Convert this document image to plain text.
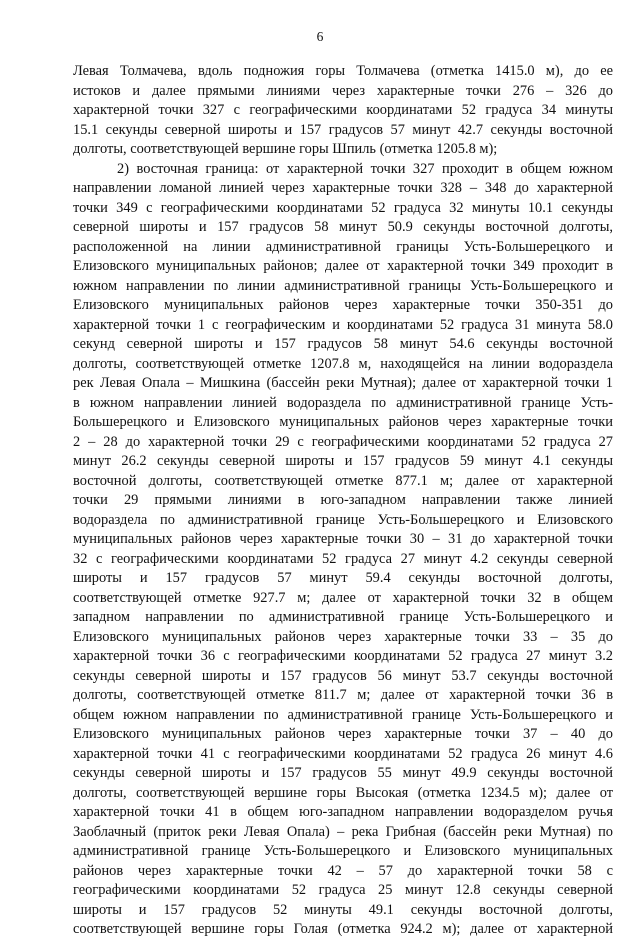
6
Левая Толмачева, вдоль подножия горы Толмачева (отметка 1415.0 м), до ее
истоков и далее прямыми линиями через характерные точки 276 – 326 до
характерной точки 327 с географическими координатами 52 градуса 34 минуты
15.1 секунды северной широты и 157 градусов 57 минут 42.7 секунды восточной
долготы, соответствующей вершине горы Шпиль (отметка 1205.8 м);
2) восточная граница: от характерной точки 327 проходит в общем южном
направлении ломаной линией через характерные точки 328 – 348 до характерной
точки 349 с географическими координатами 52 градуса 32 минуты 10.1 секунды
северной широты и 157 градусов 58 минут 50.9 секунды восточной долготы,
расположенной на линии административной границы Усть-Большерецкого и
Елизовского муниципальных районов; далее от характерной точки 349 проходит в
южном направлении по линии административной границы Усть-Большерецкого и
Елизовского муниципальных районов через характерные точки 350-351 до
характерной точки 1 с географическим и координатами 52 градуса 31 минута 58.0
секунд северной широты и 157 градусов 58 минут 54.6 секунды восточной
долготы, соответствующей отметке 1207.8 м, находящейся на линии водораздела
рек Левая Опала – Мишкина (бассейн реки Мутная); далее от характерной точки 1
в южном направлении линией водораздела по административной границе Усть-
Большерецкого и Елизовского муниципальных районов через характерные точки
2 – 28 до характерной точки 29 с географическими координатами 52 градуса 27
минут 26.2 секунды северной широты и 157 градусов 59 минут 4.1 секунды
восточной долготы, соответствующей отметке 877.1 м; далее от характерной
точки 29 прямыми линиями в юго-западном направлении также линией
водораздела по административной границе Усть-Большерецкого и Елизовского
муниципальных районов через характерные точки 30 – 31 до характерной точки
32 с географическими координатами 52 градуса 27 минут 4.2 секунды северной
широты и 157 градусов 57 минут 59.4 секунды восточной долготы,
соответствующей отметке 927.7 м; далее от характерной точки 32 в общем
западном направлении по административной границе Усть-Большерецкого и
Елизовского муниципальных районов через характерные точки 33 – 35 до
характерной точки 36 с географическими координатами 52 градуса 27 минут 3.2
секунды северной широты и 157 градусов 56 минут 53.7 секунды восточной
долготы, соответствующей отметке 811.7 м; далее от характерной точки 36 в
общем южном направлении по административной границе Усть-Большерецкого и
Елизовского муниципальных районов через характерные точки 37 – 40 до
характерной точки 41 с географическими координатами 52 градуса 26 минут 4.6
секунды северной широты и 157 градусов 55 минут 49.9 секунды восточной
долготы, соответствующей вершине горы Высокая (отметка 1234.5 м); далее от
характерной точки 41 в общем юго-западном направлении водоразделом ручья
Заоблачный (приток реки Левая Опала) – река Грибная (бассейн реки Мутная) по
административной границе Усть-Большерецкого и Елизовского муниципальных
районов через характерные точки 42 – 57 до характерной точки 58 с
географическими координатами 52 градуса 25 минут 12.8 секунды северной
широты и 157 градусов 52 минуты 49.1 секунды восточной долготы,
соответствующей вершине горы Голая (отметка 924.2 м); далее от характерной
